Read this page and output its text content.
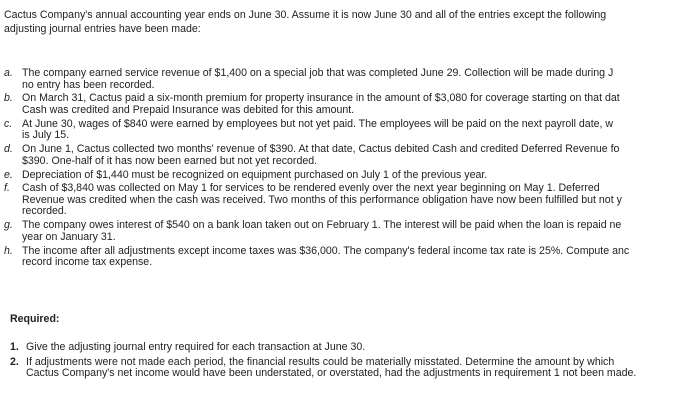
Cactus Company's annual accounting year ends on June 30. Assume it is now June 30 and all of the entries except the following
adjusting journal entries have been made:
a. The company earned service revenue of $1,400 on a special job that was completed June 29. Collection will be made during J
no entry has been recorded.
b. On March 31, Cactus paid a six-month premium for property insurance in the amount of $3,080 for coverage starting on that dat
Cash was credited and Prepaid Insurance was debited for this amount.
c. At June 30, wages of $840 were earned by employees but not yet paid. The employees will be paid on the next payroll date, w
is July 15.
d. On June 1, Cactus collected two months' revenue of $390. At that date, Cactus debited Cash and credited Deferred Revenue fo
$390. One-half of it has now been earned but not yet recorded.
e. Depreciation of $1,440 must be recognized on equipment purchased on July 1 of the previous year.
f.	Cash of $3,840 was collected on May 1 for services to be rendered evenly over the next year beginning on May 1. Deferred
Revenue was credited when the cash was received. Two months of this performance obligation have now been fulfilled but not y
recorded.
g. The company owes interest of $540 on a bank loan taken out on February 1. The interest will be paid when the loan is repaid ne
year on January 31.
h. The income after all adjustments except income taxes was $36,000. The company's federal income tax rate is 25%. Compute anc
record income tax expense.
Required:
1. Give the adjusting journal entry required for each transaction at June 30.
2. If adjustments were not made each period, the financial results could be materially misstated. Determine the amount by which
Cactus Company's net income would have been understated, or overstated, had the adjustments in requirement 1 not been made.
